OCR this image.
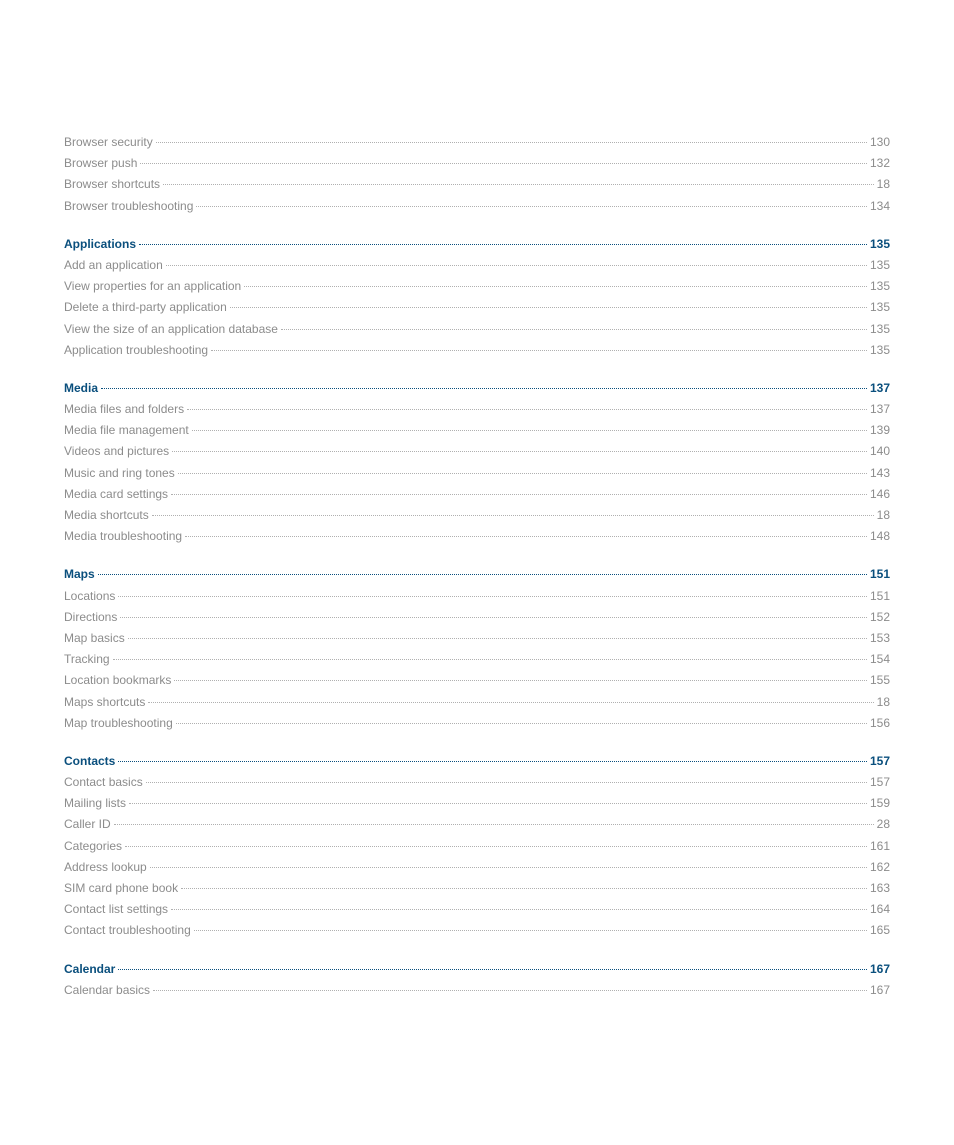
Browser security	130
Browser push	132
Browser shortcuts	18
Browser troubleshooting	134
Applications	135
Add an application	135
View properties for an application	135
Delete a third-party application	135
View the size of an application database	135
Application troubleshooting	135
Media	137
Media files and folders	137
Media file management	139
Videos and pictures	140
Music and ring tones	143
Media card settings	146
Media shortcuts	18
Media troubleshooting	148
Maps	151
Locations	151
Directions	152
Map basics	153
Tracking	154
Location bookmarks	155
Maps shortcuts	18
Map troubleshooting	156
Contacts	157
Contact basics	157
Mailing lists	159
Caller ID	28
Categories	161
Address lookup	162
SIM card phone book	163
Contact list settings	164
Contact troubleshooting	165
Calendar	167
Calendar basics	167
